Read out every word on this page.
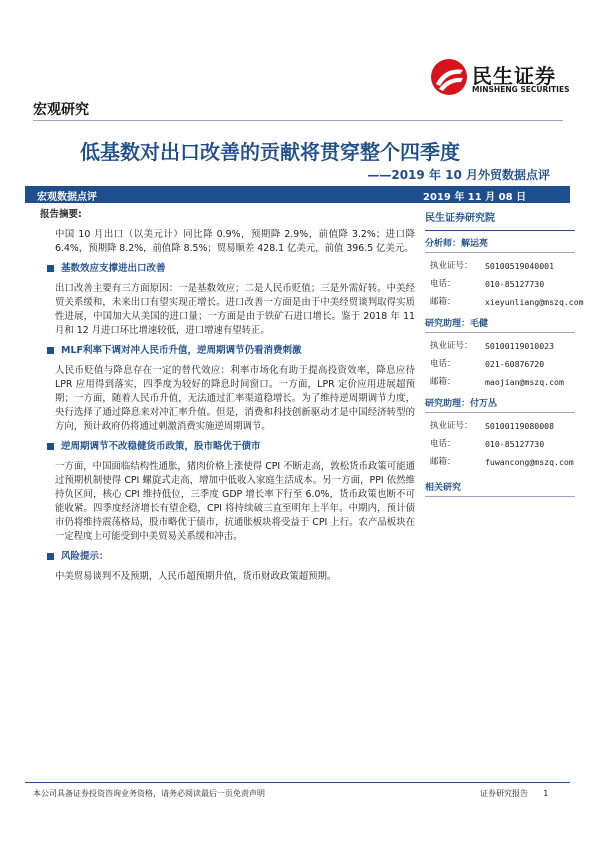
民生证券
MINSHENG SECURITIES
宏观研究
低基数对出口改善的贡献将贯穿整个四季度
——2019 年 10 月外贸数据点评
宏观数据点评	2019 年 11 月 08 日
报告摘要:
中国 10 月出口（以美元计）同比降 0.9%，预期降 2.9%，前值降 3.2%；进口降 6.4%，预期降 8.2%，前值降 8.5%；贸易顺差 428.1 亿美元，前值 396.5 亿美元。
基数效应支撑进出口改善
出口改善主要有三方面原因：一是基数效应；二是人民币贬值；三是外需好转。中美经贸关系缓和，未来出口有望实现正增长。进口改善一方面是由于中美经贸谈判取得实质性进展，中国加大从美国的进口量；一方面是由于铁矿石进口增长。鉴于 2018 年 11 月和 12 月进口环比增速较低，进口增速有望转正。
MLF利率下调对冲人民币升值，逆周期调节仍看消费刺激
人民币贬值与降息存在一定的替代效应：利率市场化有助于提高投资效率，降息应待 LPR 应用得到落实，四季度为较好的降息时间窗口。一方面，LPR 定价应用进展超预期；一方面，随着人民币升值，无法通过汇率渠道稳增长。为了维持逆周期调节力度，央行选择了通过降息来对冲汇率升值。但是，消费和科技创新驱动才是中国经济转型的方向，预计政府仍将通过刺激消费实施逆周期调节。
逆周期调节不改稳健货币政策，股市略优于债市
一方面，中国面临结构性通胀，猪肉价格上涨使得 CPI 不断走高，敦松货币政策可能通过预期机制使得 CPI 螺旋式走高，增加中低收入家庭生活成本。另一方面，PPI 依然维持负区间，核心 CPI 维持低位，三季度 GDP 增长率下行至 6.0%，货币政策也断不可能收紧。四季度经济增长有望企稳，CPI 将持续破三直至明年上半年。中期内，预计债市仍将维持震荡格局，股市略优于债市，抗通胀板块将受益于 CPI 上行。农产品板块在一定程度上可能受到中美贸易关系缓和冲击。
风险提示：
中美贸易谈判不及预期，人民币超预期升值，货币财政政策超预期。
民生证券研究院
分析师：解运亮
执业证号： S0100519040001
电话：	010-85127730
邮箱：	xieyunliang@mszq.com
研究助理：毛健
执业证号： S0100119010023
电话：	021-60876720
邮箱：	maojian@mszq.com
研究助理：付万丛
执业证号： S0100119080008
电话：	010-85127730
邮箱：	fuwancong@mszq.com
相关研究
本公司具备证券投资咨询业务资格，请务必阅读最后一页免责声明	证券研究报告 1
